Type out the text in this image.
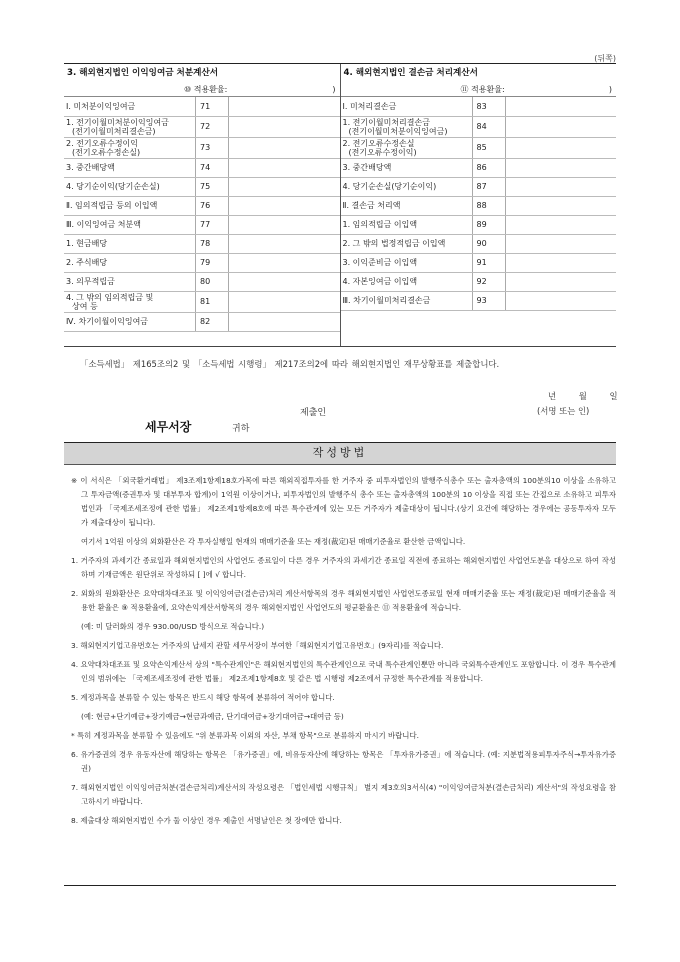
(뒤쪽)
3. 해외현지법인 이익잉여금 처분계산서
⑩ 적용환율:	)
Ⅰ. 미처분이익잉여금	71	

1. 전기이월미처분이익잉여금
(전기이월미처리결손금)	72	

2. 전기오류수정이익
(전기오류수정손실)	73	

3. 중간배당액	74	

4. 당기순이익(당기순손실)	75	

Ⅱ. 임의적립금 등의 이입액	76	

Ⅲ. 이익잉여금 처분액	77	

1. 현금배당	78	

2. 주식배당	79	

3. 의무적립금	80	

4. 그 밖의 임의적립금 및
상여 등	81	

Ⅳ. 차기이월이익잉여금	82	
4. 해외현지법인 결손금 처리계산서
⑪ 적용환율:	)
Ⅰ. 미처리결손금	83	

1. 전기이월미처리결손금
(전기이월미처분이익잉여금)	84	

2. 전기오류수정손실
(전기오류수정이익)	85	

3. 중간배당액	86	

4. 당기순손실(당기순이익)	87	

Ⅱ. 결손금 처리액	88	

1. 임의적립금 이입액	89	

2. 그 밖의 법정적립금 이입액	90	

3. 이익준비금 이입액	91	

4. 자본잉여금 이입액	92	

Ⅲ. 차기이월미처리결손금	93	
「소득세법」 제165조의2 및 「소득세법 시행령」 제217조의2에 따라 해외현지법인 재무상황표를 제출합니다.
년 월 일
제출인	(서명 또는 인)
세무서장	귀하
작성방법

※ 이 서식은 「외국환거래법」 제3조제1항제18호가목에 따른 해외직접투자를 한 거주자 중 피투자법인의 발행주식총수 또는 출자총액의 100분의10 이상을 소유하고 그 투자금액(증권투자 및 대부투자 합계)이 1억원 이상이거나, 피투자법인의 발행주식 총수 또는 출자총액의 100분의 10 이상을 직접 또는 간접으로 소유하고 피투자법인과 「국제조세조정에 관한 법률」 제2조제1항제8호에 따른 특수관계에 있는 모든 거주자가 제출대상이 됩니다.(상기 요건에 해당하는 경우에는 공동투자자 모두가 제출대상이 됩니다).

여기서 1억원 이상의 외화환산은 각 투자실행일 현재의 매매기준율 또는 재정(裁定)된 매매기준율로 환산한 금액입니다.

1. 거주자의 과세기간 종료일과 해외현지법인의 사업연도 종료일이 다른 경우 거주자의 과세기간 종료일 직전에 종료하는 해외현지법인 사업연도분을 대상으로 하여 작성하며 기재금액은 원단위로 작성하되 [ ]에 √ 합니다.

2. 외화의 원화환산은 요약대차대조표 및 이익잉여금(결손금)처리 계산서항목의 경우 해외현지법인 사업연도종료일 현재 매매기준율 또는 재정(裁定)된 매매기준율을 적용한 환율은 ⑨ 적용환율에, 요약손익계산서항목의 경우 해외현지법인 사업연도의 평균환율은 ⑪ 적용환율에 적습니다.

(예: 미 달러화의 경우 930.00/USD 방식으로 적습니다.)

3. 해외현지기업고유번호는 거주자의 납세지 관할 세무서장이 부여한「해외현지기업고유번호」(9자리)를 적습니다.

4. 요약대차대조표 및 요약손익계산서 상의 "특수관계인"은 해외현지법인의 특수관계인으로 국내 특수관계인뿐만 아니라 국외특수관계인도 포함합니다. 이 경우 특수관계인의 범위에는 「국제조세조정에 관한 법률」 제2조제1항제8호 및 같은 법 시행령 제2조에서 규정한 특수관계를 적용합니다.

5. 계정과목을 분류할 수 있는 항목은 반드시 해당 항목에 분류하여 적어야 합니다.

(예: 현금+단기예금+장기예금→현금과예금, 단기대여금+장기대여금→대여금 등)

* 특히 계정과목을 분류할 수 있음에도 "위 분류과목 이외의 자산, 부채 항목"으로 분류하지 마시기 바랍니다.

6. 유가증권의 경우 유동자산에 해당하는 항목은 「유가증권」에, 비유동자산에 해당하는 항목은 「투자유가증권」에 적습니다. (예: 지분법적용피투자주식→투자유가증권)

7. 해외현지법인 이익잉여금처분(결손금처리)계산서의 작성요령은 「법인세법 시행규칙」 별지 제3호의3서식(4) "이익잉여금처분(결손금처리) 계산서"의 작성요령을 참고하시기 바랍니다.

8. 제출대상 해외현지법인 수가 둘 이상인 경우 제출인 서명날인은 첫 장에만 합니다.
